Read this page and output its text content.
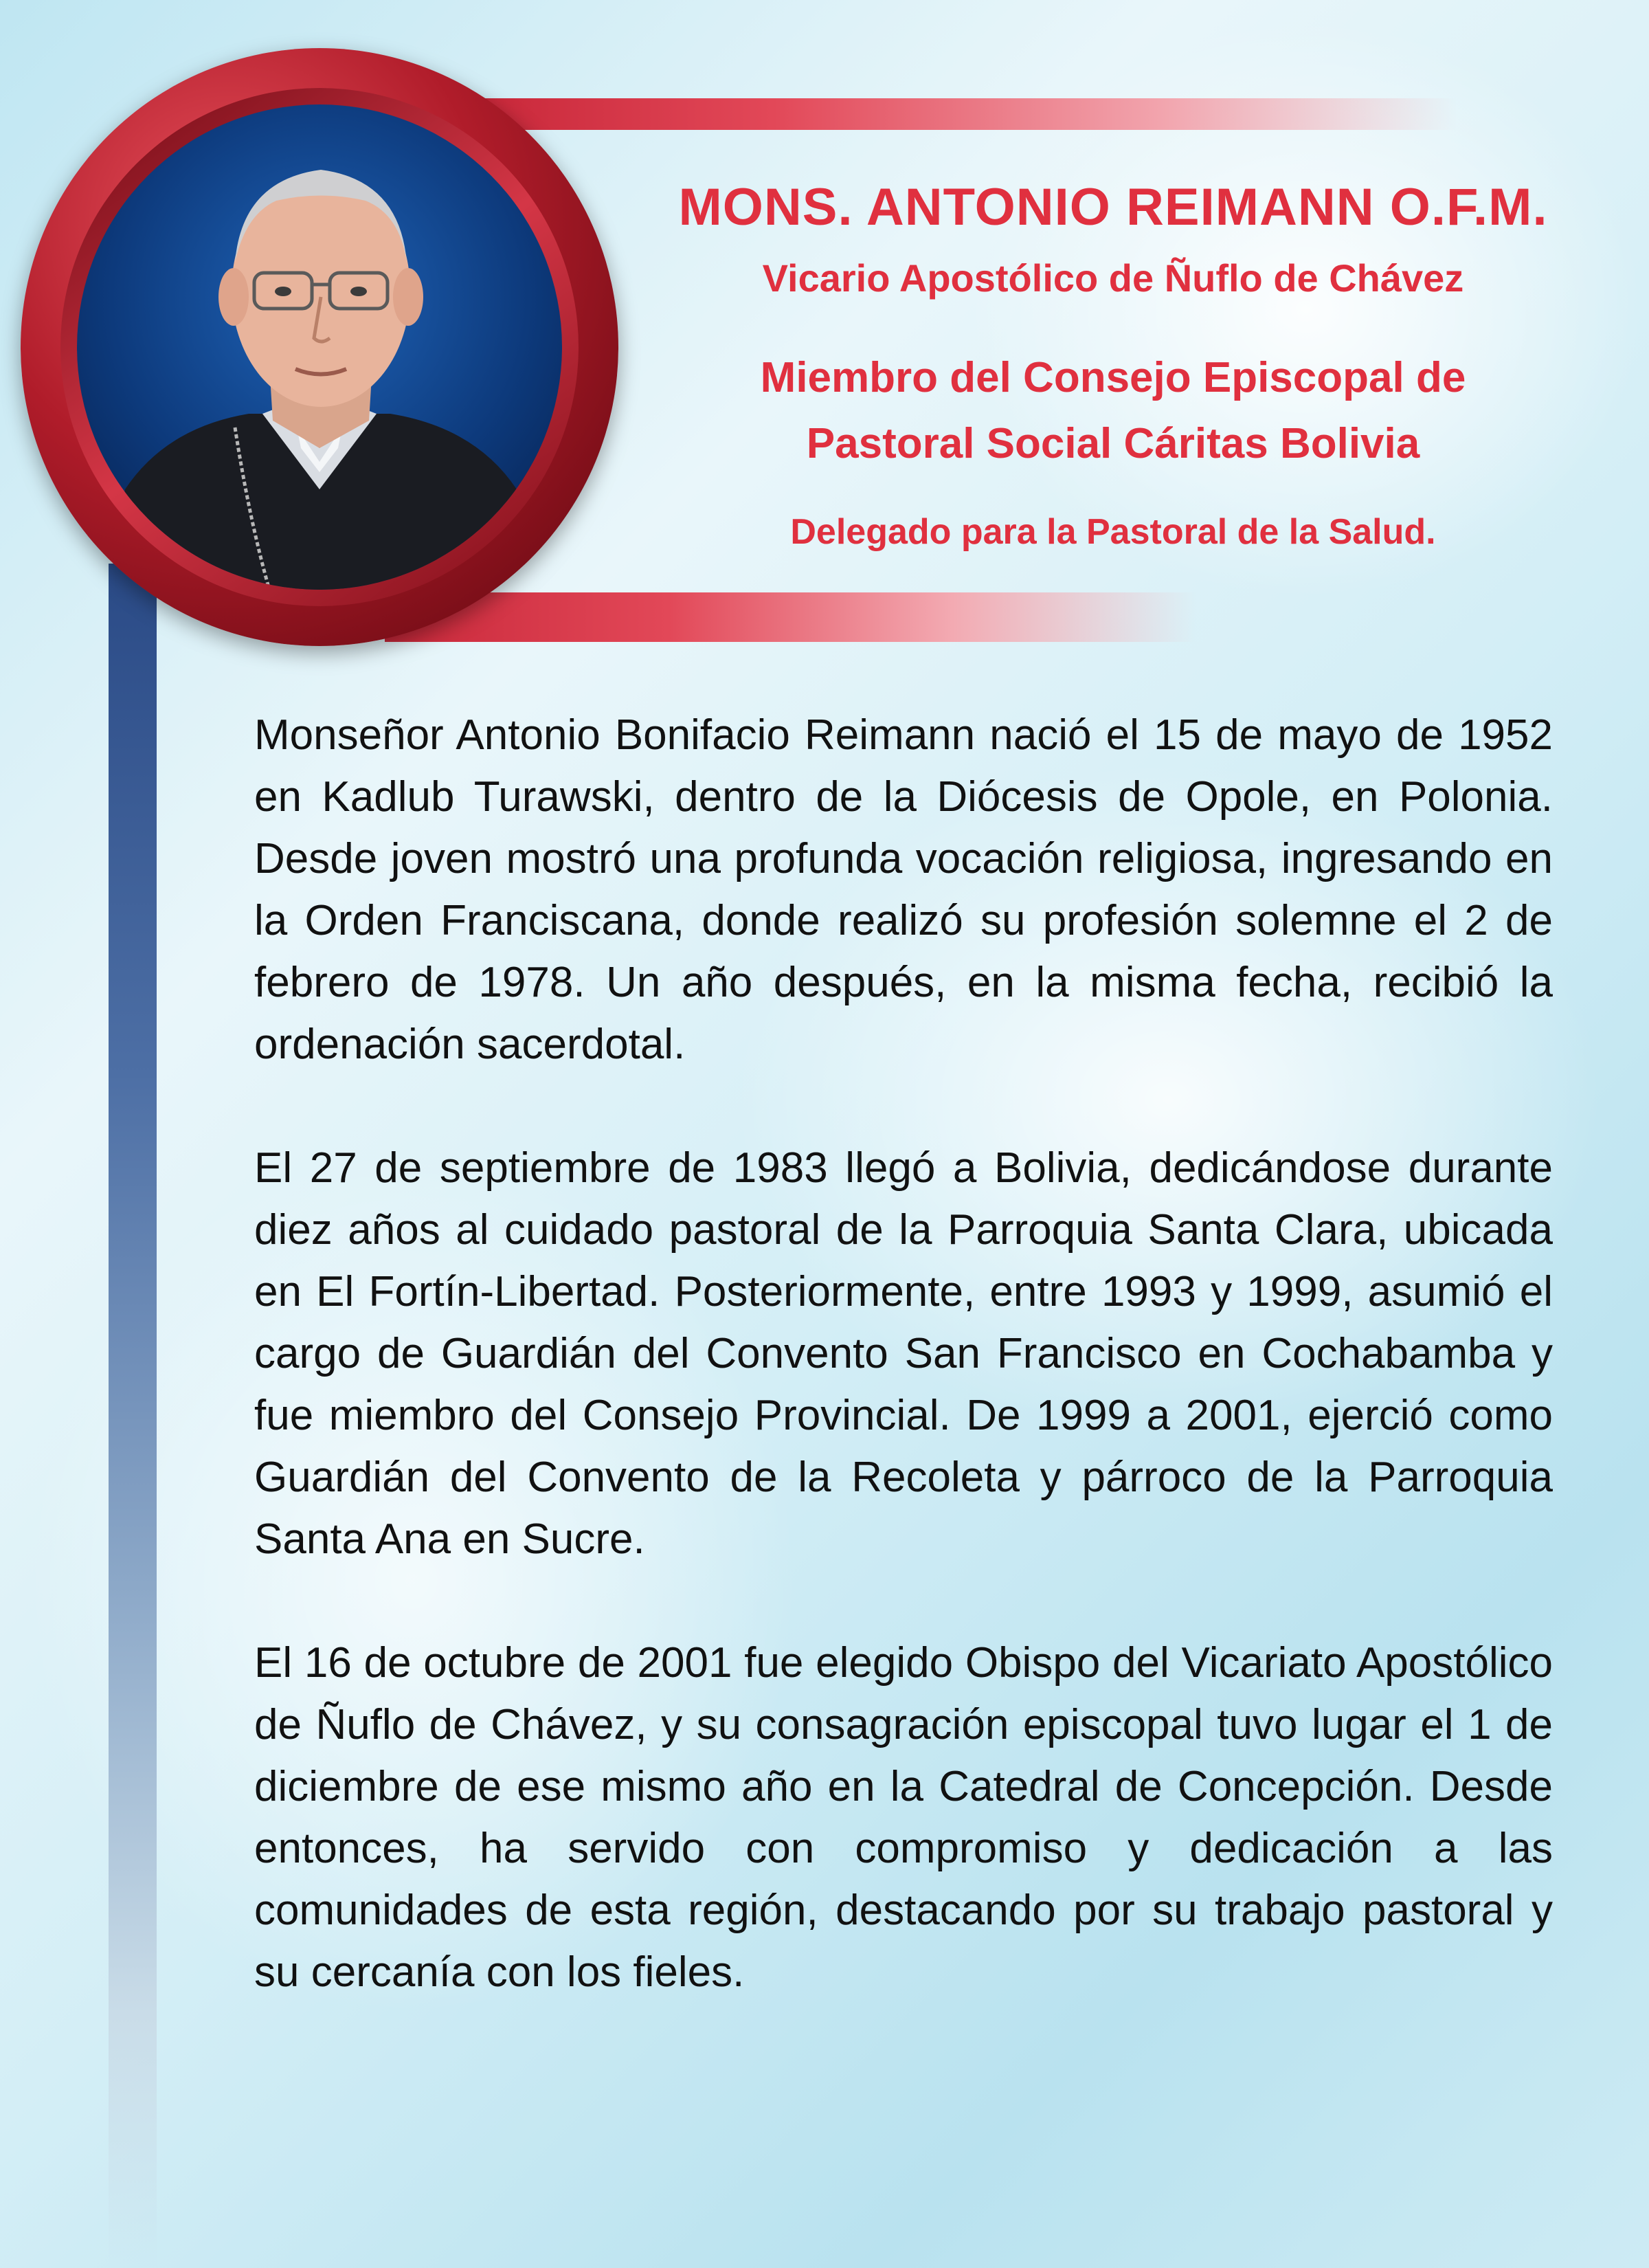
MONS. ANTONIO REIMANN O.F.M.
Vicario Apostólico de Ñuflo de Chávez
Miembro del Consejo Episcopal de
Pastoral Social Cáritas Bolivia
Delegado para la Pastoral de la Salud.

Monseñor Antonio Bonifacio Reimann nació el 15 de mayo de 1952 en Kadlub Turawski, dentro de la Diócesis de Opole, en Polonia. Desde joven mostró una profunda vocación religiosa, ingresando en la Orden Franciscana, donde realizó su profesión solemne el 2 de febrero de 1978. Un año después, en la misma fecha, recibió la ordenación sacerdotal.

El 27 de septiembre de 1983 llegó a Bolivia, dedicándose durante diez años al cuidado pastoral de la Parroquia Santa Clara, ubicada en El Fortín-Libertad. Posteriormente, entre 1993 y 1999, asumió el cargo de Guardián del Convento San Francisco en Cochabamba y fue miembro del Consejo Provincial. De 1999 a 2001, ejerció como Guardián del Convento de la Recoleta y párroco de la Parroquia Santa Ana en Sucre.

El 16 de octubre de 2001 fue elegido Obispo del Vicariato Apostólico de Ñuflo de Chávez, y su consagración episcopal tuvo lugar el 1 de diciembre de ese mismo año en la Catedral de Concepción. Desde entonces, ha servido con compromiso y dedicación a las comunidades de esta región, destacando por su trabajo pastoral y su cercanía con los fieles.
